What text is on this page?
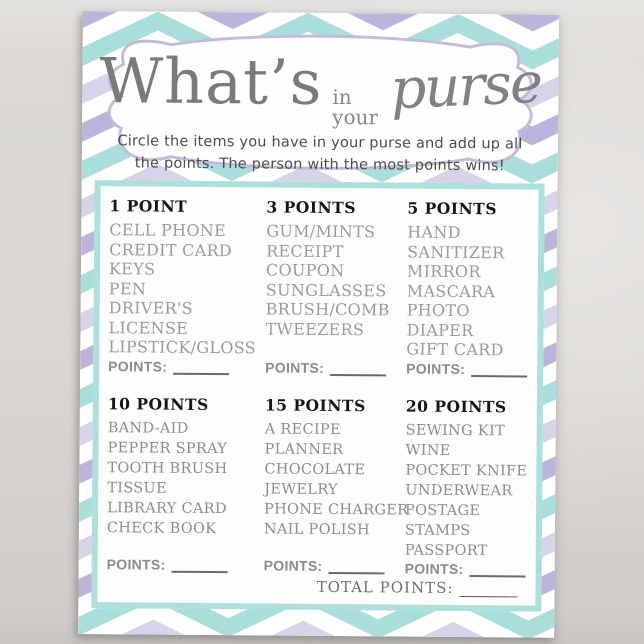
What’s in your purse
Circle the items you have in your purse and add up all
the points. The person with the most points wins!
1 POINT
CELL PHONE
CREDIT CARD
KEYS
PEN
DRIVER'S
LICENSE
LIPSTICK/GLOSS
POINTS:
3 POINTS
GUM/MINTS
RECEIPT
COUPON
SUNGLASSES
BRUSH/COMB
TWEEZERS
POINTS:
5 POINTS
HAND
SANITIZER
MIRROR
MASCARA
PHOTO
DIAPER
GIFT CARD
POINTS:
10 POINTS
BAND-AID
PEPPER SPRAY
TOOTH BRUSH
TISSUE
LIBRARY CARD
CHECK BOOK
POINTS:
15 POINTS
A RECIPE
PLANNER
CHOCOLATE
JEWELRY
PHONE CHARGER
NAIL POLISH
POINTS:
20 POINTS
SEWING KIT
WINE
POCKET KNIFE
UNDERWEAR
POSTAGE
STAMPS
PASSPORT
POINTS:
TOTAL POINTS:
